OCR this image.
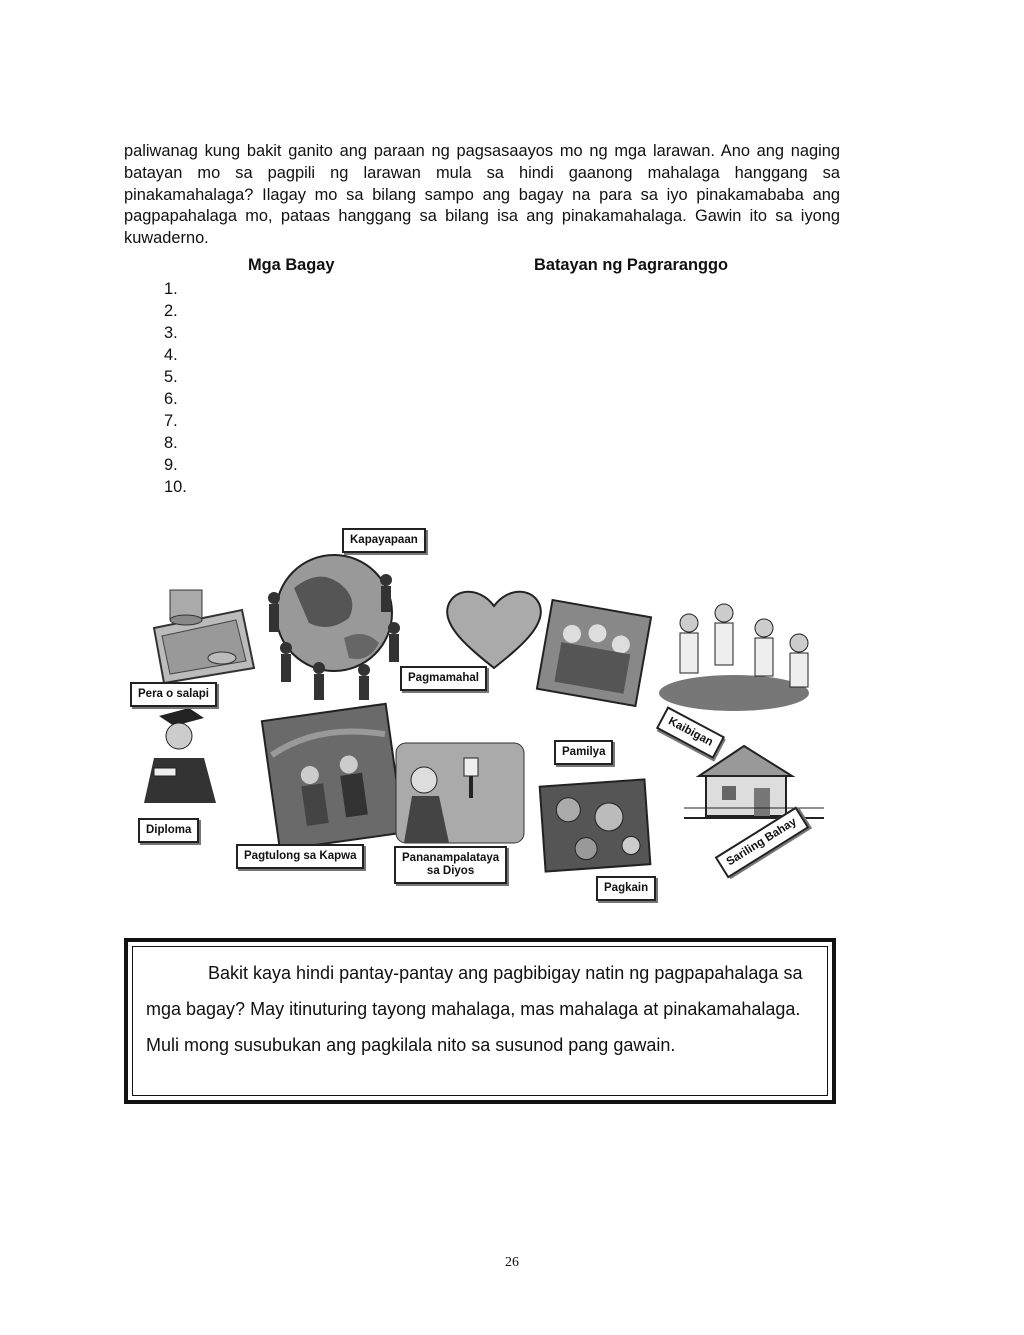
paliwanag kung bakit ganito ang paraan ng pagsasaayos mo ng mga larawan. Ano ang naging batayan mo sa pagpili ng larawan mula sa hindi gaanong mahalaga hanggang sa pinakamahalaga? Ilagay mo sa bilang sampo ang bagay na para sa iyo pinakamababa ang pagpapahalaga mo, pataas hanggang sa bilang isa ang pinakamahalaga. Gawin ito sa iyong kuwaderno.

Mga Bagay	Batayan ng Pagraranggo
1.
2.
3.
4.
5.
6.
7.
8.
9.
10.
Kapayapaan
Pera o salapi
Pagmamahal
Pamilya
Kaibigan
Diploma
Pagtulong sa Kapwa	Pananampalataya
sa Diyos
Sariling Bahay
Pagkain
Bakit kaya hindi pantay-pantay ang pagbibigay natin ng pagpapahalaga sa mga bagay? May itinuturing tayong mahalaga, mas mahalaga at pinakamahalaga. Muli mong susubukan ang pagkilala nito sa susunod pang gawain.
26
